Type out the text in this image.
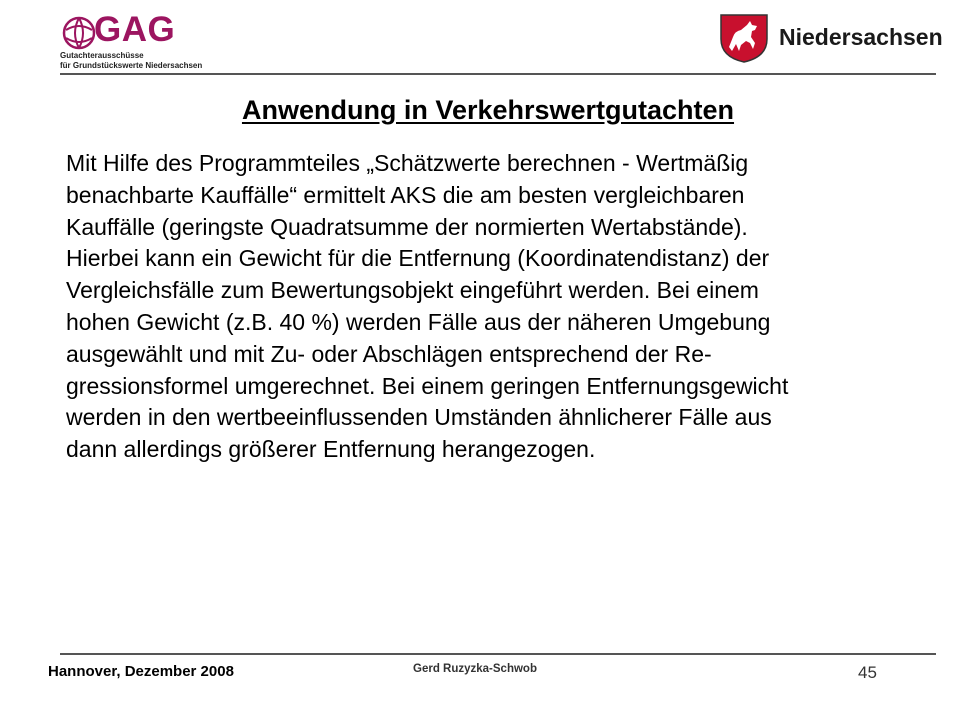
GAG
Gutachterausschüsse
für Grundstückswerte Niedersachsen
Niedersachsen
Anwendung in Verkehrswertgutachten
Mit Hilfe des Programmteiles „Schätzwerte berechnen - Wertmäßig
benachbarte Kauffälle“ ermittelt AKS die am besten vergleichbaren
Kauffälle (geringste Quadratsumme der normierten Wertabstände).
Hierbei kann ein Gewicht für die Entfernung (Koordinatendistanz) der
Vergleichsfälle zum Bewertungsobjekt eingeführt werden. Bei einem
hohen Gewicht (z.B. 40 %) werden Fälle aus der näheren Umgebung
ausgewählt und mit Zu- oder Abschlägen entsprechend der Re-
gressionsformel umgerechnet. Bei einem geringen Entfernungsgewicht
werden in den wertbeeinflussenden Umständen ähnlicherer Fälle aus
dann allerdings größerer Entfernung herangezogen.
Hannover, Dezember 2008	Gerd Ruzyzka-Schwob	45
